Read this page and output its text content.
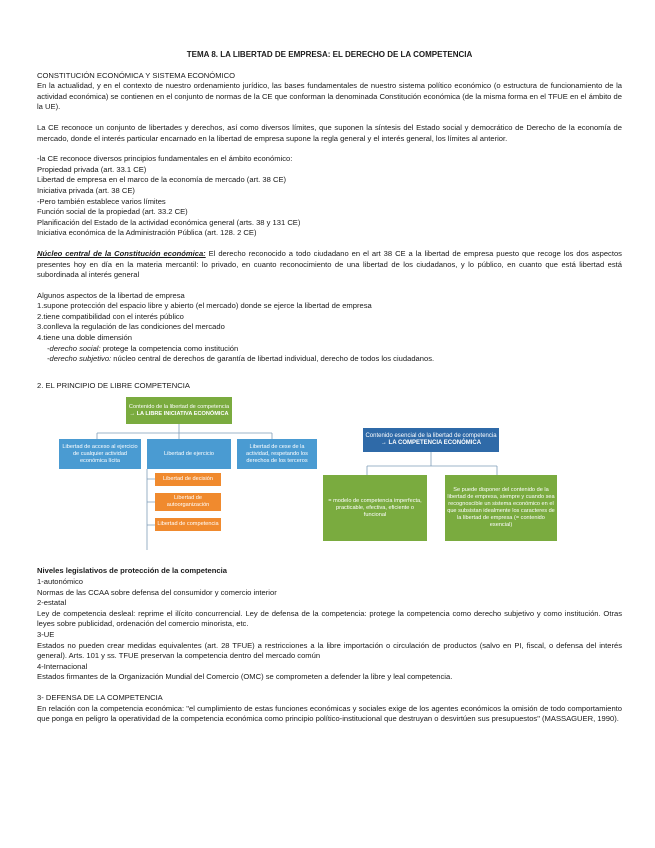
TEMA 8. LA LIBERTAD DE EMPRESA: EL DERECHO DE LA COMPETENCIA

CONSTITUCIÓN ECONÓMICA Y SISTEMA ECONÓMICO

En la actualidad, y en el contexto de nuestro ordenamiento jurídico, las bases fundamentales de nuestro sistema político económico (o estructura de funcionamiento de la actividad económica) se contienen en el conjunto de normas de la CE que conforman la denominada Constitución económica (de la misma forma en el TFUE en el ámbito de la UE).

La CE reconoce un conjunto de libertades y derechos, así como diversos límites, que suponen la síntesis del Estado social y democrático de Derecho de la economía de mercado, donde el interés particular encarnado en la libertad de empresa supone la regla general y el interés general, los límites al anterior.

-la CE reconoce diversos principios fundamentales en el ámbito económico:

Propiedad privada (art. 33.1 CE)

Libertad de empresa en el marco de la economía de mercado (art. 38 CE)

Iniciativa privada (art. 38 CE)

-Pero también establece varios límites

Función social de la propiedad (art. 33.2 CE)

Planificación del Estado de la actividad económica general (arts. 38 y 131 CE)

Iniciativa económica de la Administración Pública (art. 128. 2 CE)

Núcleo central de la Constitución económica: El derecho reconocido a todo ciudadano en el art 38 CE a la libertad de empresa puesto que recoge los dos aspectos presentes hoy en día en la materia mercantil: lo privado, en cuanto reconocimiento de una libertad de los ciudadanos, y lo público, en cuanto que está libertad está subordinada al interés general

Algunos aspectos de la libertad de empresa

1.supone protección del espacio libre y abierto (el mercado) donde se ejerce la libertad de empresa

2.tiene compatibilidad con el interés público

3.conlleva la regulación de las condiciones del mercado

4.tiene una doble dimensión

-derecho social: protege la competencia como institución

-derecho subjetivo: núcleo central de derechos de garantía de libertad individual, derecho de todos los ciudadanos.

2. EL PRINCIPIO DE LIBRE COMPETENCIA

Contenido de la libertad de competencia
→ LA LIBRE INICIATIVA ECONÓMICA
Libertad de acceso al ejercicio de cualquier actividad económica lícita
Libertad de ejercicio
Libertad de cese de la actividad, respetando los derechos de los terceros
Libertad de decisión
Libertad de autoorganización
Libertad de competencia
Contenido esencial de la libertad de competencia
→ LA COMPETENCIA ECONÓMICA
= modelo de competencia imperfecta, practicable, efectiva, eficiente o funcional
Se puede disponer del contenido de la libertad de empresa, siempre y cuando sea recognoscible un sistema económico en el que subsistan idealmente los caracteres de la libertad de empresa (= contenido esencial)

Niveles legislativos de protección de la competencia

1-autonómico

Normas de las CCAA sobre defensa del consumidor y comercio interior

2-estatal

Ley de competencia desleal: reprime el ilícito concurrencial. Ley de defensa de la competencia: protege la competencia como derecho subjetivo y como institución. Otras leyes sobre publicidad, ordenación del comercio minorista, etc.

3-UE

Estados no pueden crear medidas equivalentes (art. 28 TFUE) a restricciones a la libre importación o circulación de productos (salvo en PI, fiscal, o defensa del interés general). Arts. 101 y ss. TFUE preservan la competencia dentro del mercado común

4-Internacional

Estados firmantes de la Organización Mundial del Comercio (OMC) se comprometen a defender la libre y leal competencia.

3- DEFENSA DE LA COMPETENCIA

En relación con la competencia económica: "el cumplimiento de estas funciones económicas y sociales exige de los agentes económicos la omisión de todo comportamiento que ponga en peligro la operatividad de la competencia económica como principio político-institucional que destruyan o desvirtúen sus presupuestos" (MASSAGUER, 1990).
